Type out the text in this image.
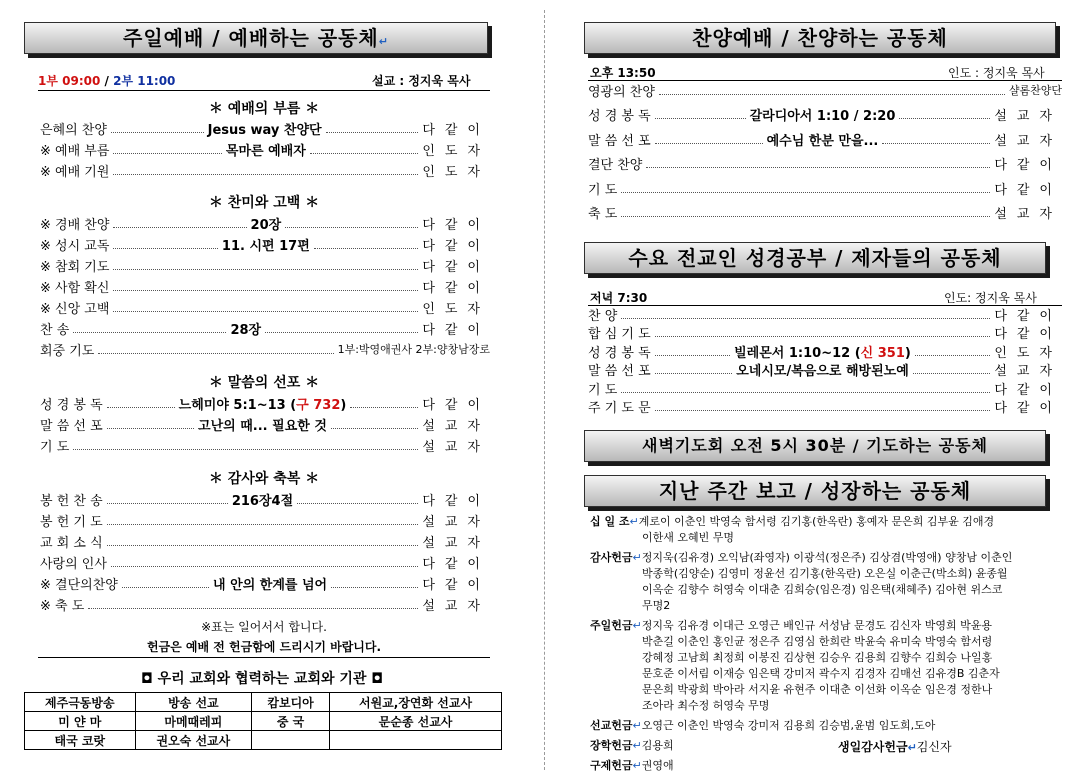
주일예배 / 예배하는 공동체↵
1부 09:00 / 2부 11:00	설교 : 정지욱 목사
＊ 예배의 부름 ＊
은혜의 찬양	Jesus way 찬양단	다같이
※ 예배 부름	목마른 예배자	인도자
※ 예배 기원	인도자
＊ 찬미와 고백 ＊
※ 경배 찬양	20장	다같이
※ 성시 교독	11. 시편 17편	다같이
※ 참회 기도	다같이
※ 사함 확신	다같이
※ 신앙 고백	인도자
찬 송	28장	다같이
회중 기도	1부:박영애권사 2부:양창남장로
＊ 말씀의 선포 ＊
성 경 봉 독	느헤미야 5:1~13 (구 732)	다같이
말 씀 선 포	고난의 때... 필요한 것	설교자
기 도	설교자
＊ 감사와 축복 ＊
봉 헌 찬 송	216장4절	다같이
봉 헌 기 도	설교자
교 회 소 식	설교자
사랑의 인사	다같이
※ 결단의찬양	내 안의 한계를 넘어	다같이
※ 축 도	설교자
※표는 일어서서 합니다.
헌금은 예배 전 헌금함에 드리시기 바랍니다.
◘ 우리 교회와 협력하는 교회와 기관 ◘
제주극동방송	방송 선교	캄보디아	서원교,장연화 선교사
미 얀 마	마메때레피	중 국	문순종 선교사
태국 코랏	권오숙 선교사		
찬양예배 / 찬양하는 공동체
오후 13:50	인도 : 정지욱 목사
영광의 찬양	샬롬찬양단
성 경 봉 독	갈라디아서 1:10 / 2:20	설교자
말 씀 선 포	예수님 한분 만을...	설교자
결단 찬양	다같이
기 도	다같이
축 도	설교자
수요 전교인 성경공부 / 제자들의 공동체
저녁 7:30	인도: 정지욱 목사
찬 양	다같이
합 심 기 도	다같이
성 경 봉 독	빌레몬서 1:10~12 (신 351)	인도자
말 씀 선 포	오네시모/복음으로 해방된노예	설교자
기 도	다같이
주 기 도 문	다같이
새벽기도회 오전 5시 30분 / 기도하는 공동체
지난 주간 보고 / 성장하는 공동체
십 일 조↵계로이 이춘인 박영숙 함서령 김기홍(한옥란) 홍예자 문은희 김부윤 김애경
이한새 오혜빈 무명
감사헌금↵정지욱(김유경) 오익남(좌영자) 이광석(정은주) 김상겸(박영애) 양창남 이춘인
박종학(김양순) 김영미 정윤선 김기홍(한옥란) 오은실 이춘근(박소희) 윤종월
이옥순 김향수 허영숙 이대춘 김희승(임은경) 임은택(채혜주) 김아현 위스코
무명2
주일헌금↵정지욱 김유경 이대근 오영근 배인규 서성남 문경도 김신자 박영희 박윤용
박춘길 이춘인 홍인균 정은주 김영심 한희란 박윤숙 유미숙 박영숙 함서령
강혜정 고남희 최정희 이봉진 김상현 김승우 김용희 김향수 김희승 나일홍
문호준 이서림 이재승 임은택 강미저 곽수지 김경자 김매선 김유경B 김춘자
문은희 박광희 박아라 서지윤 유현주 이대춘 이선화 이옥순 임은경 정한나
조아라 최수정 허영숙 무명
선교헌금↵오영근 이춘인 박영숙 강미저 김용희 김승범,윤범 임도희,도아
장학헌금↵김용희
구제헌금↵권영애
생일감사헌금↵김신자
